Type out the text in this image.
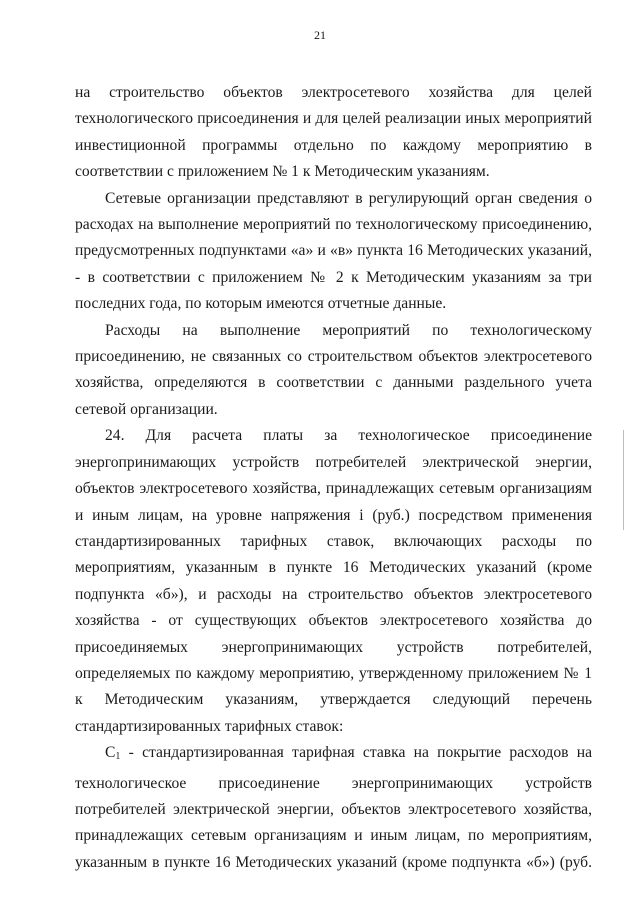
21

на строительство объектов электросетевого хозяйства для целей технологического присоединения и для целей реализации иных мероприятий инвестиционной программы отдельно по каждому мероприятию в соответствии с приложением № 1 к Методическим указаниям.

Сетевые организации представляют в регулирующий орган сведения о расходах на выполнение мероприятий по технологическому присоединению, предусмотренных подпунктами «а» и «в» пункта 16 Методических указаний, - в соответствии с приложением № 2 к Методическим указаниям за три последних года, по которым имеются отчетные данные.

Расходы на выполнение мероприятий по технологическому присоединению, не связанных со строительством объектов электросетевого хозяйства, определяются в соответствии с данными раздельного учета сетевой организации.

24. Для расчета платы за технологическое присоединение энергопринимающих устройств потребителей электрической энергии, объектов электросетевого хозяйства, принадлежащих сетевым организациям и иным лицам, на уровне напряжения i (руб.) посредством применения стандартизированных тарифных ставок, включающих расходы по мероприятиям, указанным в пункте 16 Методических указаний (кроме подпункта «б»), и расходы на строительство объектов электросетевого хозяйства - от существующих объектов электросетевого хозяйства до присоединяемых энергопринимающих устройств потребителей, определяемых по каждому мероприятию, утвержденному приложением № 1 к Методическим указаниям, утверждается следующий перечень стандартизированных тарифных ставок:

$С_1$ - стандартизированная тарифная ставка на покрытие расходов на технологическое присоединение энергопринимающих устройств потребителей электрической энергии, объектов электросетевого хозяйства, принадлежащих сетевым организациям и иным лицам, по мероприятиям, указанным в пункте 16 Методических указаний (кроме подпункта «б») (руб.
